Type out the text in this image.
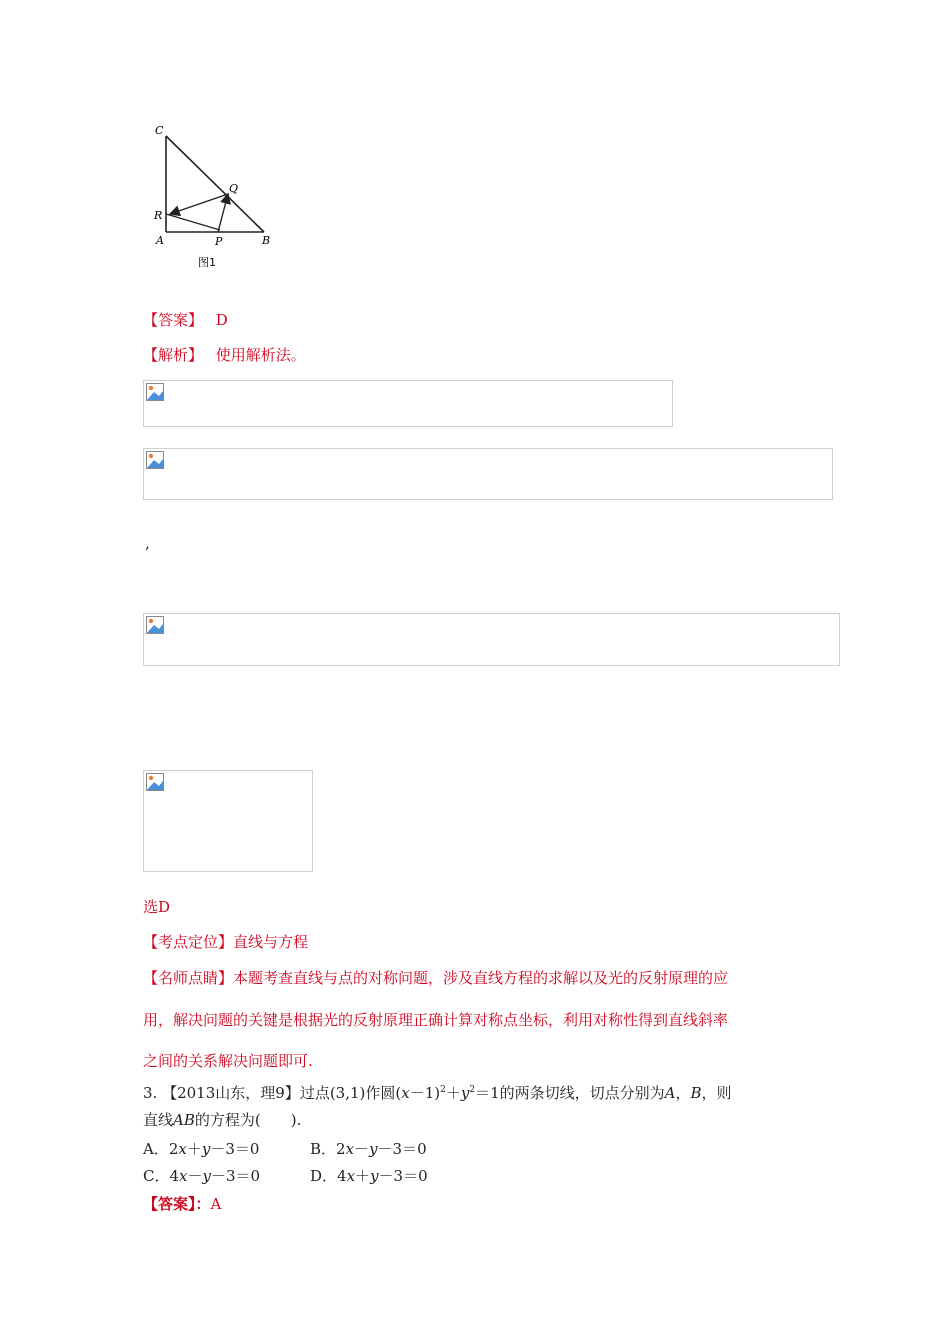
C
Q
R
A	P	B
图1
【答案】 D
【解析】 使用解析法。
,
选D
【考点定位】直线与方程
【名师点睛】本题考查直线与点的对称问题，涉及直线方程的求解以及光的反射原理的应
用，解决问题的关键是根据光的反射原理正确计算对称点坐标，利用对称性得到直线斜率
之间的关系解决问题即可.
3. 【2013山东，理9】过点(3,1)作圆$(x-1)^2+y^2=1$的两条切线，切点分别为A，B，则
直线AB的方程为(　　).
A．2x＋y－3＝0	B．2x－y－3＝0
C．4x－y－3＝0	D．4x＋y－3＝0
【答案】：A
